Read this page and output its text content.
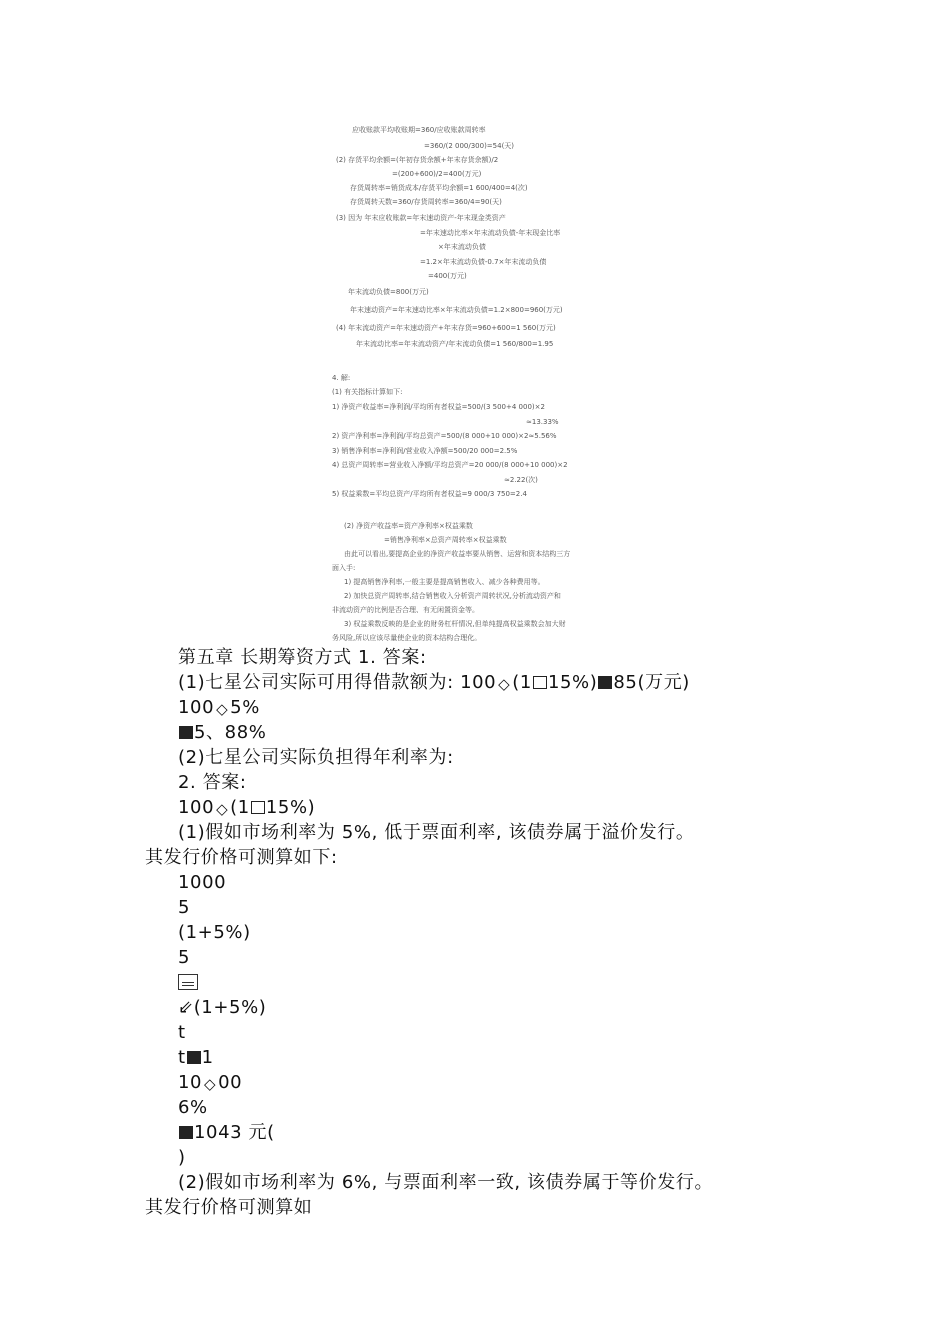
应收账款平均收账期=360/应收账款周转率
=360/(2 000/300)=54(天)
(2) 存货平均余额=(年初存货余额+年末存货余额)/2
=(200+600)/2=400(万元)
存货周转率=销货成本/存货平均余额=1 600/400=4(次)
存货周转天数=360/存货周转率=360/4=90(天)
(3) 因为 年末应收账款=年末速动资产-年末现金类资产
=年末速动比率×年末流动负债-年末现金比率
×年末流动负债
=1.2×年末流动负债-0.7×年末流动负债
=400(万元)
年末流动负债=800(万元)
年末速动资产=年末速动比率×年末流动负债=1.2×800=960(万元)
(4) 年末流动资产=年末速动资产+年末存货=960+600=1 560(万元)
年末流动比率=年末流动资产/年末流动负债=1 560/800=1.95
4. 解:
(1) 有关指标计算如下:
1) 净资产收益率=净利润/平均所有者权益=500/(3 500+4 000)×2
≈13.33%
2) 资产净利率=净利润/平均总资产=500/(8 000+10 000)×2≈5.56%
3) 销售净利率=净利润/营业收入净额=500/20 000=2.5%
4) 总资产周转率=营业收入净额/平均总资产=20 000/(8 000+10 000)×2
≈2.22(次)
5) 权益乘数=平均总资产/平均所有者权益=9 000/3 750=2.4
(2) 净资产收益率=资产净利率×权益乘数
=销售净利率×总资产周转率×权益乘数
由此可以看出,要提高企业的净资产收益率要从销售、运营和资本结构三方
面入手:
1) 提高销售净利率,一般主要是提高销售收入、减少各种费用等。
2) 加快总资产周转率,结合销售收入分析资产周转状况,分析流动资产和
非流动资产的比例是否合理、有无闲置资金等。
3) 权益乘数反映的是企业的财务杠杆情况,但单纯提高权益乘数会加大财
务风险,所以应该尽量使企业的资本结构合理化。
第五章 长期筹资方式 1. 答案:
(1)七星公司实际可用得借款额为: 100 ◇ (1 15%) 85(万元)
100 ◇ 5%
5、88%
(2)七星公司实际负担得年利率为:
2. 答案:
100 ◇ (1 15%)
(1)假如市场利率为 5%, 低于票面利率, 该债券属于溢价发行。
其发行价格可测算如下:
1000
5
(1+5%)
5
⇙(1+5%)
t
t 1
10 ◇ 00
6%
1043 元(
)
(2)假如市场利率为 6%, 与票面利率一致, 该债券属于等价发行。
其发行价格可测算如
